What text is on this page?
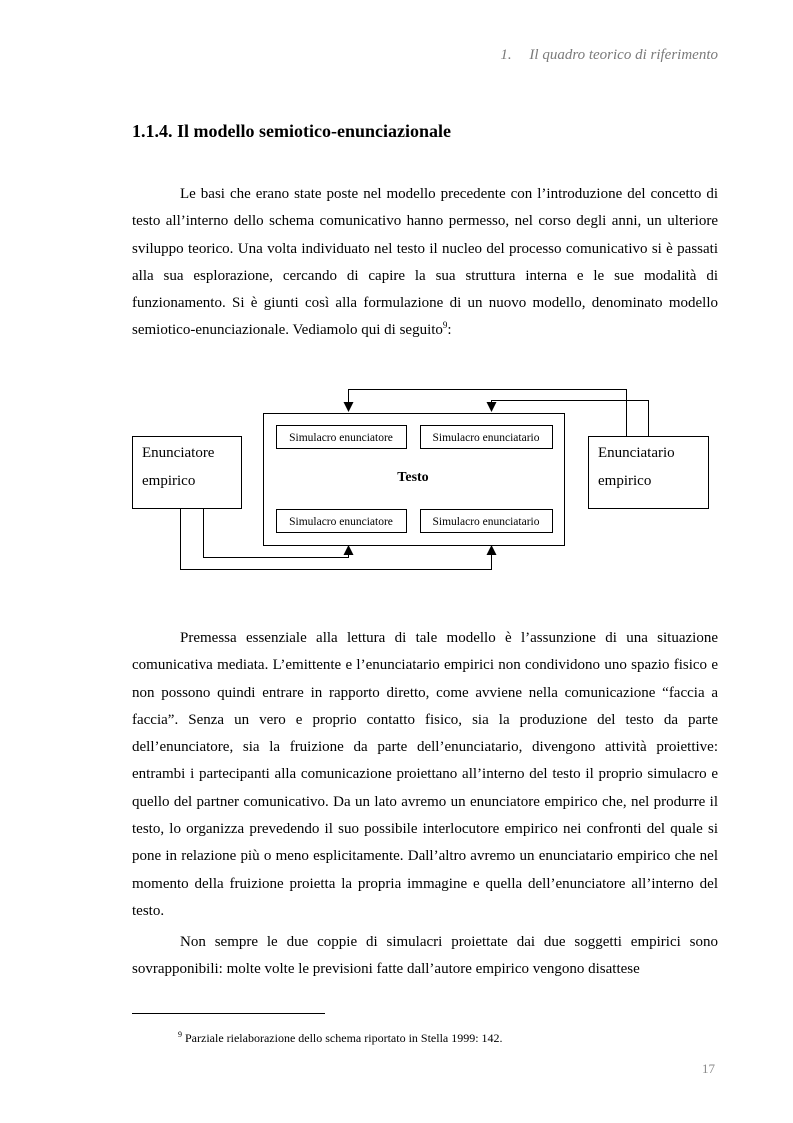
1. Il quadro teorico di riferimento
1.1.4. Il modello semiotico-enunciazionale

Le basi che erano state poste nel modello precedente con l’introduzione del concetto di testo all’interno dello schema comunicativo hanno permesso, nel corso degli anni, un ulteriore sviluppo teorico. Una volta individuato nel testo il nucleo del processo comunicativo si è passati alla sua esplorazione, cercando di capire la sua struttura interna e le sue modalità di funzionamento. Si è giunti così alla formulazione di un nuovo modello, denominato modello semiotico-enunciazionale. Vediamolo qui di seguito$^9$:

Enunciatore
empirico
Enunciatario
empirico
Testo
Simulacro enunciatore	Simulacro enunciatario
Simulacro enunciatore	Simulacro enunciatario

Premessa essenziale alla lettura di tale modello è l’assunzione di una situazione comunicativa mediata. L’emittente e l’enunciatario empirici non condividono uno spazio fisico e non possono quindi entrare in rapporto diretto, come avviene nella comunicazione “faccia a faccia”. Senza un vero e proprio contatto fisico, sia la produzione del testo da parte dell’enunciatore, sia la fruizione da parte dell’enunciatario, divengono attività proiettive: entrambi i partecipanti alla comunicazione proiettano all’interno del testo il proprio simulacro e quello del partner comunicativo. Da un lato avremo un enunciatore empirico che, nel produrre il testo, lo organizza prevedendo il suo possibile interlocutore empirico nei confronti del quale si pone in relazione più o meno esplicitamente. Dall’altro avremo un enunciatario empirico che nel momento della fruizione proietta la propria immagine e quella dell’enunciatore all’interno del testo.

Non sempre le due coppie di simulacri proiettate dai due soggetti empirici sono sovrapponibili: molte volte le previsioni fatte dall’autore empirico vengono disattese

$^9$ Parziale rielaborazione dello schema riportato in Stella 1999: 142.
17
